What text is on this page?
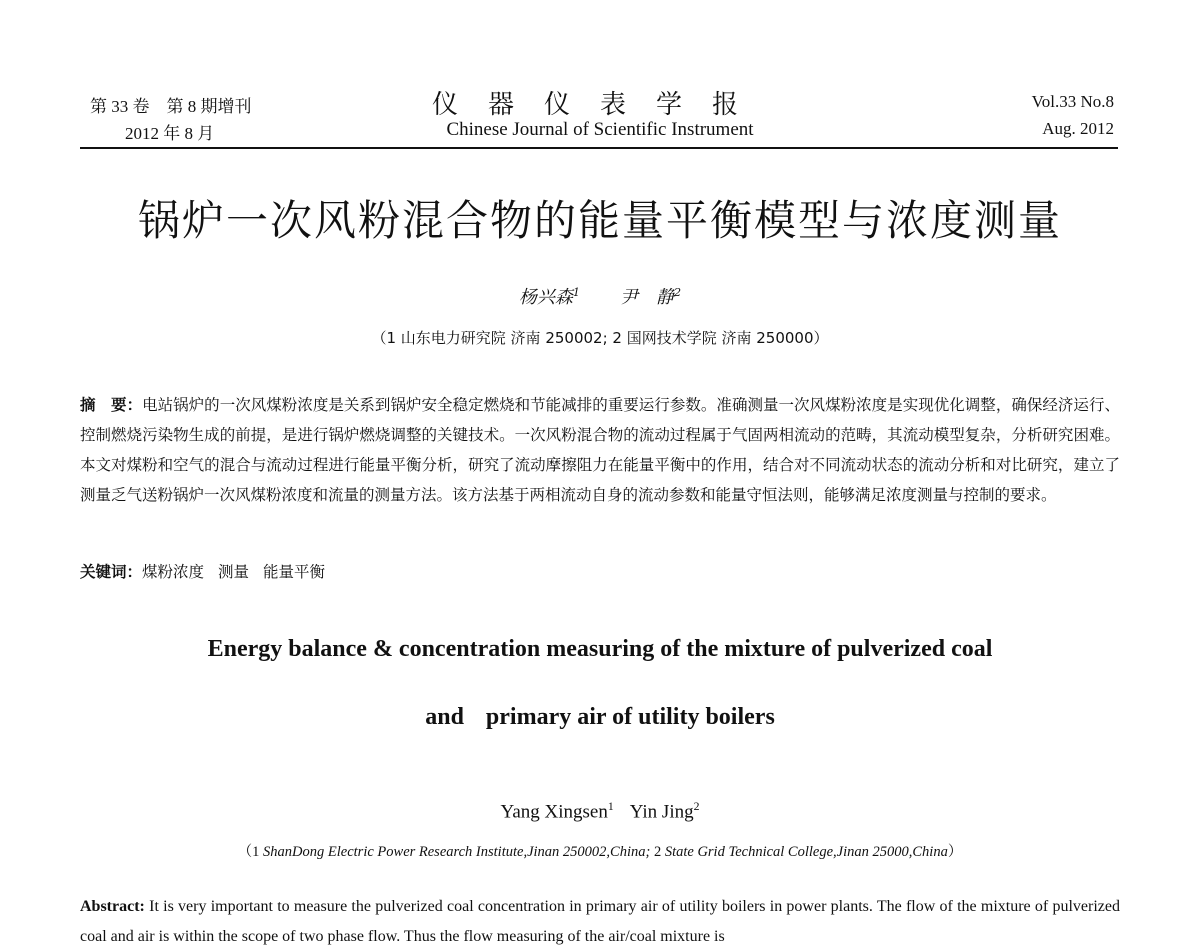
第 33 卷　第 8 期增刊
2012 年 8 月
仪器仪表学报
Chinese Journal of Scientific Instrument
Vol.33 No.8
Aug. 2012
锅炉一次风粉混合物的能量平衡模型与浓度测量
杨兴森$^1$ 尹　静$^2$
（1 山东电力研究院 济南 250002; 2 国网技术学院 济南 250000）
摘　要：电站锅炉的一次风煤粉浓度是关系到锅炉安全稳定燃烧和节能减排的重要运行参数。准确测量一次风煤粉浓度是实现优化调整，确保经济运行、控制燃烧污染物生成的前提，是进行锅炉燃烧调整的关键技术。一次风粉混合物的流动过程属于气固两相流动的范畴，其流动模型复杂，分析研究困难。本文对煤粉和空气的混合与流动过程进行能量平衡分析，研究了流动摩擦阻力在能量平衡中的作用，结合对不同流动状态的流动分析和对比研究，建立了测量乏气送粉锅炉一次风煤粉浓度和流量的测量方法。该方法基于两相流动自身的流动参数和能量守恒法则，能够满足浓度测量与控制的要求。
关键词：煤粉浓度 测量 能量平衡
Energy balance & concentration measuring of the mixture of pulverized coal
and primary air of utility boilers
Yang Xingsen$^1$ Yin Jing$^2$
（1 ShanDong Electric Power Research Institute,Jinan 250002,China; 2 State Grid Technical College,Jinan 25000,China）
Abstract: It is very important to measure the pulverized coal concentration in primary air of utility boilers in power plants. The flow of the mixture of pulverized coal and air is within the scope of two phase flow. Thus the flow measuring of the air/coal mixture is
